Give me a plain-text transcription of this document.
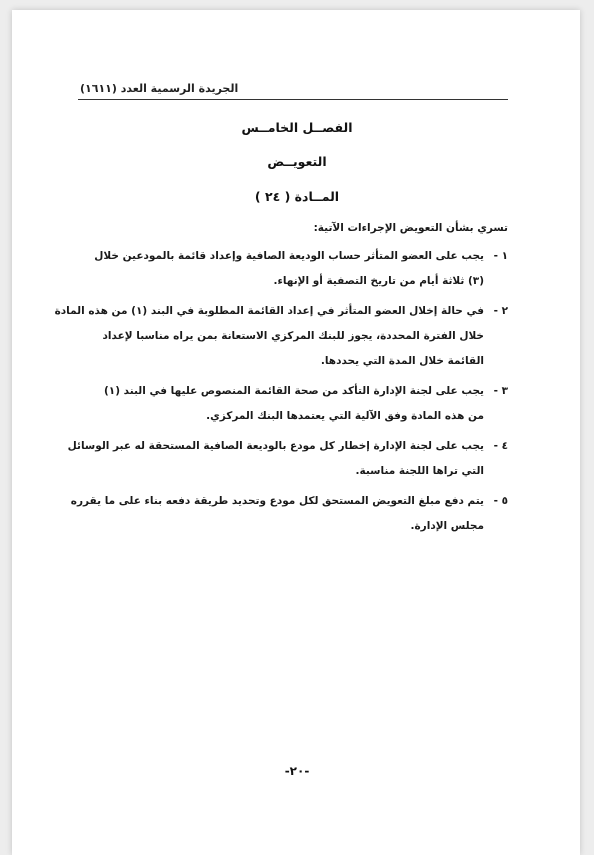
الجريدة الرسمية العدد (١٦١١)
الفصــل الخامــس
التعويــض
المــادة ( ٢٤ )
تسري بشأن التعويض الإجراءات الآتية:
١ -
يجب على العضو المتأثر حساب الوديعة الصافية وإعداد قائمة بالمودعين خلال
(٣) ثلاثة أيام من تاريخ التصفية أو الإنهاء.
٢ -
في حالة إخلال العضو المتأثر في إعداد القائمة المطلوبة في البند (١) من هذه المادة
خلال الفترة المحددة، يجوز للبنك المركزي الاستعانة بمن يراه مناسبا لإعداد
القائمة خلال المدة التي يحددها.
٣ -
يجب على لجنة الإدارة التأكد من صحة القائمة المنصوص عليها في البند (١)
من هذه المادة وفق الآلية التي يعتمدها البنك المركزي.
٤ -
يجب على لجنة الإدارة إخطار كل مودع بالوديعة الصافية المستحقة له عبر الوسائل
التي تراها اللجنة مناسبة.
٥ -
يتم دفع مبلغ التعويض المستحق لكل مودع وتحديد طريقة دفعه بناء على ما يقرره
مجلس الإدارة.
-٢٠-
